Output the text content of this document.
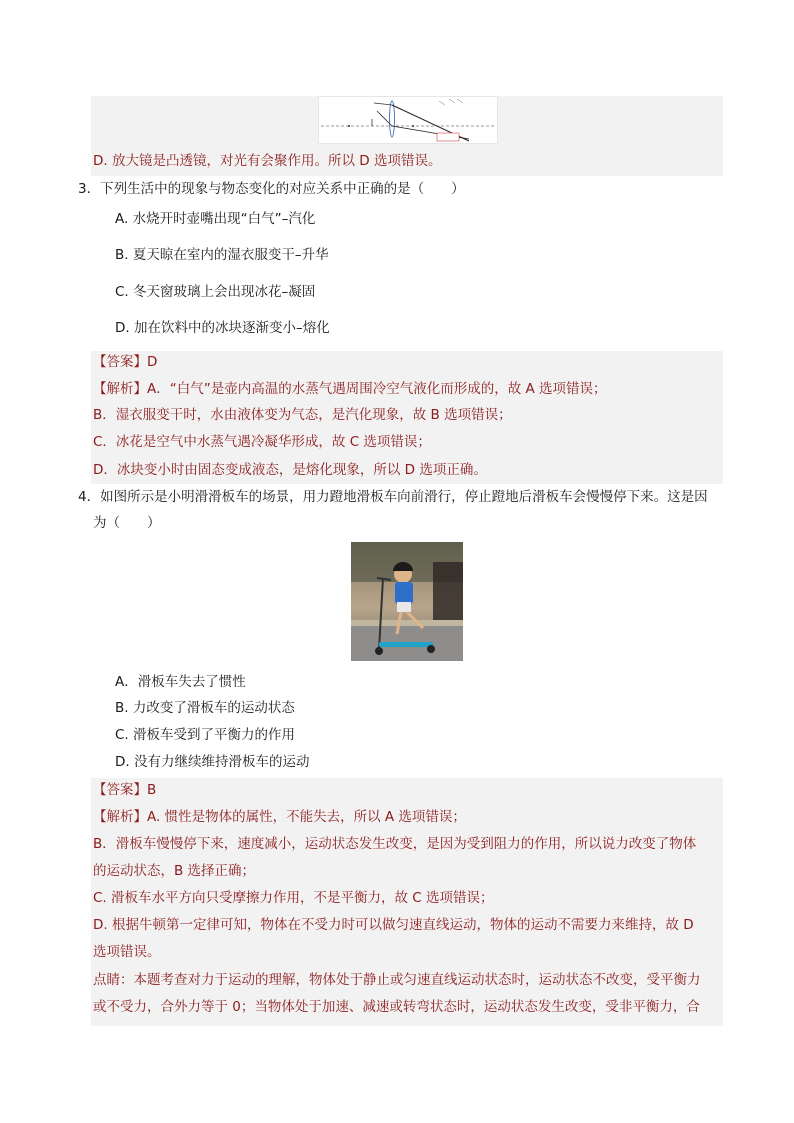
D. 放大镜是凸透镜，对光有会聚作用。所以 D 选项错误。
3．下列生活中的现象与物态变化的对应关系中正确的是（　　）
A. 水烧开时壶嘴出现“白气”–汽化
B. 夏天晾在室内的湿衣服变干–升华
C. 冬天窗玻璃上会出现冰花–凝固
D. 加在饮料中的冰块逐渐变小–熔化
【答案】D
【解析】A．“白气”是壶内高温的水蒸气遇周围冷空气液化而形成的，故 A 选项错误；
B．湿衣服变干时，水由液体变为气态，是汽化现象，故 B 选项错误；
C．冰花是空气中水蒸气遇冷凝华形成，故 C 选项错误；
D．冰块变小时由固态变成液态，是熔化现象，所以 D 选项正确。
4．如图所示是小明滑滑板车的场景，用力蹬地滑板车向前滑行，停止蹬地后滑板车会慢慢停下来。这是因
为（　　）
A．滑板车失去了惯性
B. 力改变了滑板车的运动状态
C. 滑板车受到了平衡力的作用
D. 没有力继续维持滑板车的运动
【答案】B
【解析】A. 惯性是物体的属性，不能失去，所以 A 选项错误；
B．滑板车慢慢停下来，速度减小，运动状态发生改变，是因为受到阻力的作用，所以说力改变了物体
的运动状态，B 选择正确；
C. 滑板车水平方向只受摩擦力作用，不是平衡力，故 C 选项错误；
D. 根据牛顿第一定律可知，物体在不受力时可以做匀速直线运动，物体的运动不需要力来维持，故 D
选项错误。
点睛：本题考查对力于运动的理解，物体处于静止或匀速直线运动状态时，运动状态不改变，受平衡力
或不受力，合外力等于 0；当物体处于加速、减速或转弯状态时，运动状态发生改变，受非平衡力，合
